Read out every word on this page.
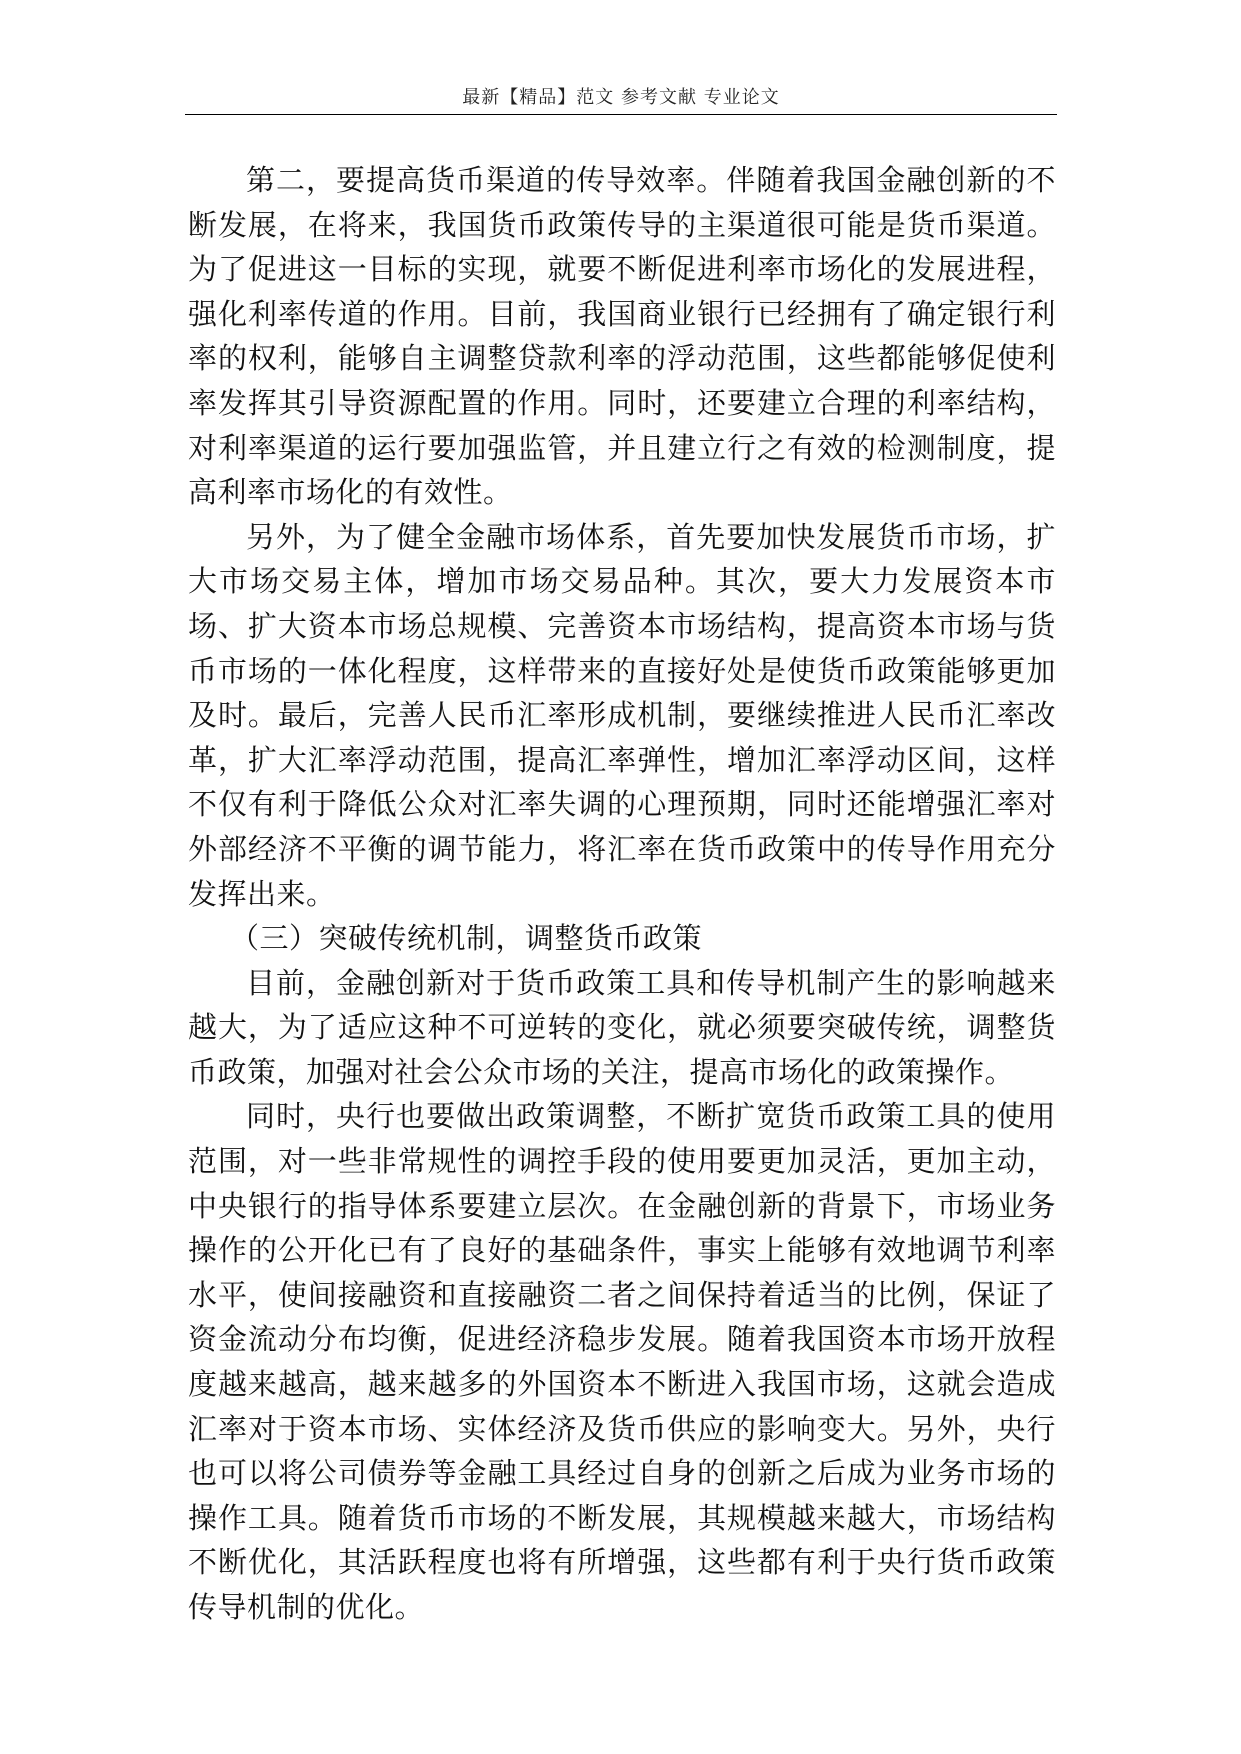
最新【精品】范文 参考文献 专业论文

第二，要提高货币渠道的传导效率。伴随着我国金融创新的不断发展，在将来，我国货币政策传导的主渠道很可能是货币渠道。为了促进这一目标的实现，就要不断促进利率市场化的发展进程，强化利率传道的作用。目前，我国商业银行已经拥有了确定银行利率的权利，能够自主调整贷款利率的浮动范围，这些都能够促使利率发挥其引导资源配置的作用。同时，还要建立合理的利率结构，对利率渠道的运行要加强监管，并且建立行之有效的检测制度，提高利率市场化的有效性。

另外，为了健全金融市场体系，首先要加快发展货币市场，扩大市场交易主体，增加市场交易品种。其次，要大力发展资本市场、扩大资本市场总规模、完善资本市场结构，提高资本市场与货币市场的一体化程度，这样带来的直接好处是使货币政策能够更加及时。最后，完善人民币汇率形成机制，要继续推进人民币汇率改革，扩大汇率浮动范围，提高汇率弹性，增加汇率浮动区间，这样不仅有利于降低公众对汇率失调的心理预期，同时还能增强汇率对外部经济不平衡的调节能力，将汇率在货币政策中的传导作用充分发挥出来。

（三）突破传统机制，调整货币政策

目前，金融创新对于货币政策工具和传导机制产生的影响越来越大，为了适应这种不可逆转的变化，就必须要突破传统，调整货币政策，加强对社会公众市场的关注，提高市场化的政策操作。

同时，央行也要做出政策调整，不断扩宽货币政策工具的使用范围，对一些非常规性的调控手段的使用要更加灵活，更加主动，中央银行的指导体系要建立层次。在金融创新的背景下，市场业务操作的公开化已有了良好的基础条件，事实上能够有效地调节利率水平，使间接融资和直接融资二者之间保持着适当的比例，保证了资金流动分布均衡，促进经济稳步发展。随着我国资本市场开放程度越来越高，越来越多的外国资本不断进入我国市场，这就会造成汇率对于资本市场、实体经济及货币供应的影响变大。另外，央行也可以将公司债券等金融工具经过自身的创新之后成为业务市场的操作工具。随着货币市场的不断发展，其规模越来越大，市场结构不断优化，其活跃程度也将有所增强，这些都有利于央行货币政策传导机制的优化。
